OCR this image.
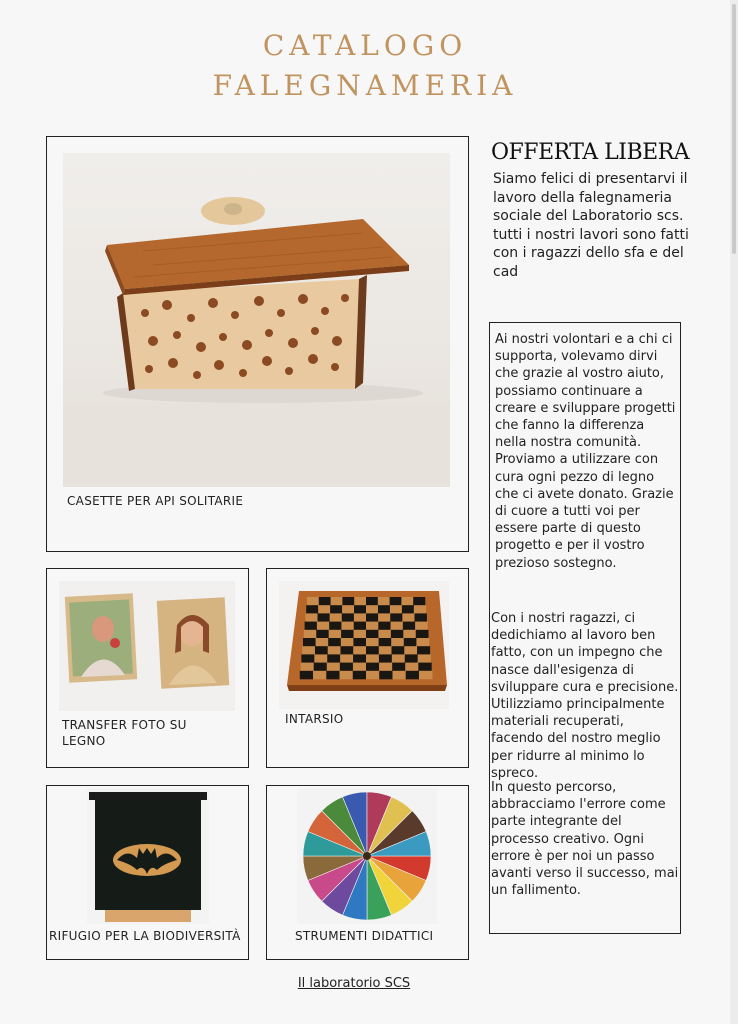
CATALOGO
FALEGNAMERIA
CASETTE PER API SOLITARIE
TRANSFER FOTO SU LEGNO
INTARSIO
RIFUGIO PER LA BIODIVERSITÀ	STRUMENTI DIDATTICI
OFFERTA LIBERA
Siamo felici di presentarvi il lavoro della falegnameria sociale del Laboratorio scs. tutti i nostri lavori sono fatti con i ragazzi dello sfa e del cad

Ai nostri volontari e a chi ci supporta, volevamo dirvi che grazie al vostro aiuto, possiamo continuare a creare e sviluppare progetti che fanno la differenza nella nostra comunità. Proviamo a utilizzare con cura ogni pezzo di legno che ci avete donato. Grazie di cuore a tutti voi per essere parte di questo progetto e per il vostro prezioso sostegno.

Con i nostri ragazzi, ci dedichiamo al lavoro ben fatto, con un impegno che nasce dall'esigenza di sviluppare cura e precisione. Utilizziamo principalmente materiali recuperati, facendo del nostro meglio per ridurre al minimo lo spreco.

In questo percorso, abbracciamo l'errore come parte integrante del processo creativo. Ogni errore è per noi un passo avanti verso il successo, mai un fallimento.

Il laboratorio SCS
